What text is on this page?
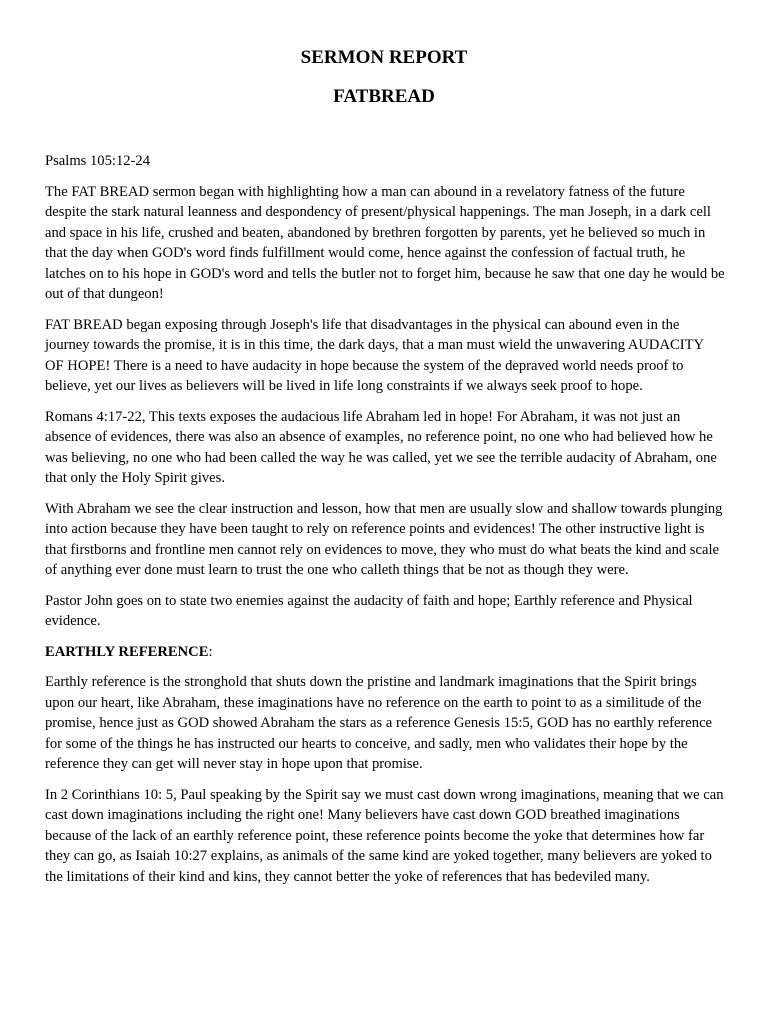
SERMON REPORT
FATBREAD

Psalms 105:12-24

The FAT BREAD sermon began with highlighting how a man can abound in a revelatory fatness of the future despite the stark natural leanness and despondency of present/physical happenings. The man Joseph, in a dark cell and space in his life, crushed and beaten, abandoned by brethren forgotten by parents, yet he believed so much in that the day when GOD's word finds fulfillment would come, hence against the confession of factual truth, he latches on to his hope in GOD's word and tells the butler not to forget him, because he saw that one day he would be out of that dungeon!

FAT BREAD began exposing through Joseph's life that disadvantages in the physical can abound even in the journey towards the promise, it is in this time, the dark days, that a man must wield the unwavering AUDACITY OF HOPE! There is a need to have audacity in hope because the system of the depraved world needs proof to believe, yet our lives as believers will be lived in life long constraints if we always seek proof to hope.

Romans 4:17-22, This texts exposes the audacious life Abraham led in hope! For Abraham, it was not just an absence of evidences, there was also an absence of examples, no reference point, no one who had believed how he was believing, no one who had been called the way he was called, yet we see the terrible audacity of Abraham, one that only the Holy Spirit gives.

With Abraham we see the clear instruction and lesson, how that men are usually slow and shallow towards plunging into action because they have been taught to rely on reference points and evidences! The other instructive light is that firstborns and frontline men cannot rely on evidences to move, they who must do what beats the kind and scale of anything ever done must learn to trust the one who calleth things that be not as though they were.

Pastor John goes on to state two enemies against the audacity of faith and hope; Earthly reference and Physical evidence.

EARTHLY REFERENCE:

Earthly reference is the stronghold that shuts down the pristine and landmark imaginations that the Spirit brings upon our heart, like Abraham, these imaginations have no reference on the earth to point to as a similitude of the promise, hence just as GOD showed Abraham the stars as a reference Genesis 15:5, GOD has no earthly reference for some of the things he has instructed our hearts to conceive, and sadly, men who validates their hope by the reference they can get will never stay in hope upon that promise.

In 2 Corinthians 10: 5, Paul speaking by the Spirit say we must cast down wrong imaginations, meaning that we can cast down imaginations including the right one! Many believers have cast down GOD breathed imaginations because of the lack of an earthly reference point, these reference points become the yoke that determines how far they can go, as Isaiah 10:27 explains, as animals of the same kind are yoked together, many believers are yoked to the limitations of their kind and kins, they cannot better the yoke of references that has bedeviled many.
